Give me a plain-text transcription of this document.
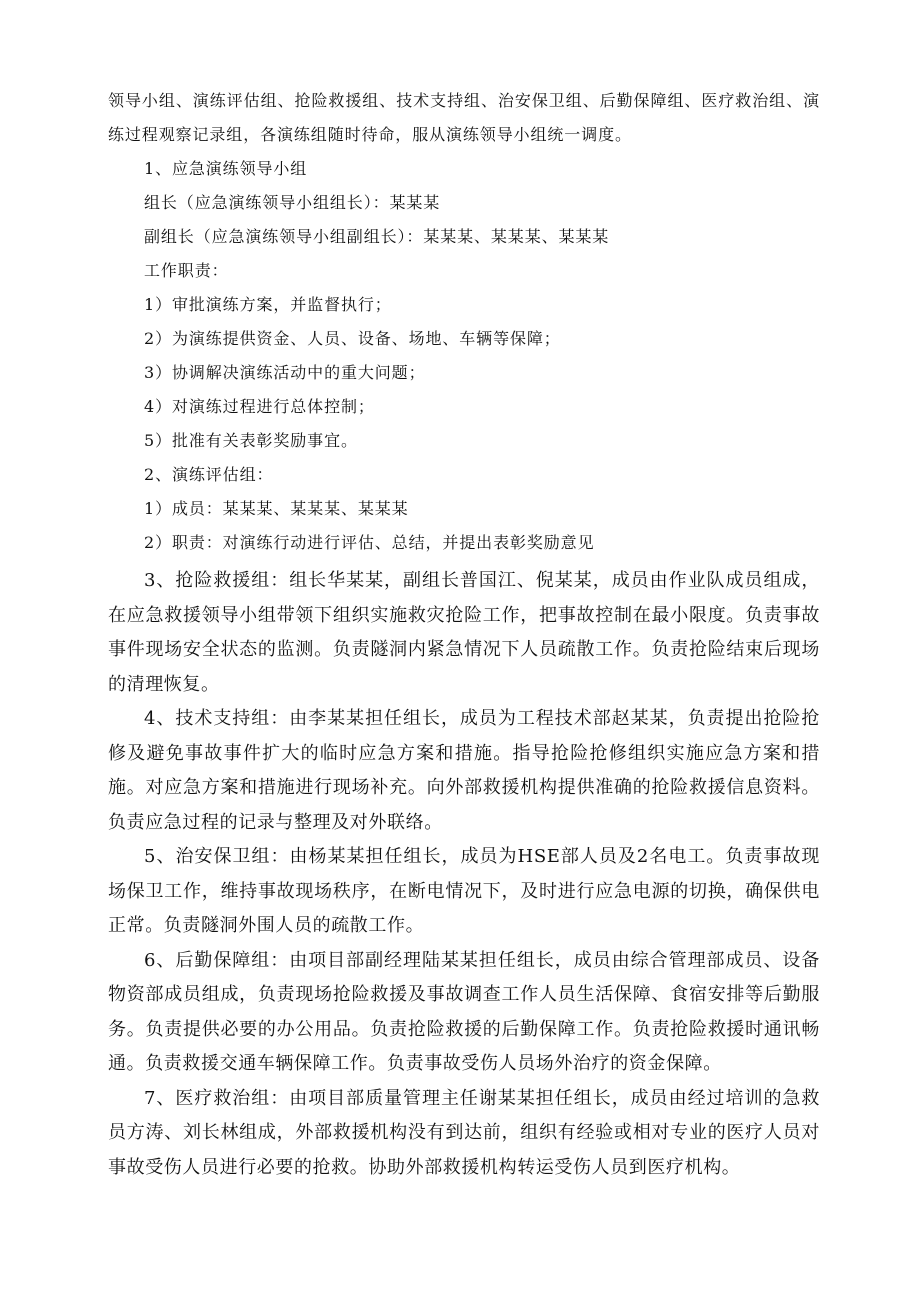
领导小组、演练评估组、抢险救援组、技术支持组、治安保卫组、后勤保障组、医疗救治组、演练过程观察记录组，各演练组随时待命，服从演练领导小组统一调度。

1、应急演练领导小组

组长（应急演练领导小组组长）：某某某

副组长（应急演练领导小组副组长）：某某某、某某某、某某某

工作职责：

1）审批演练方案，并监督执行；

2）为演练提供资金、人员、设备、场地、车辆等保障；

3）协调解决演练活动中的重大问题；

4）对演练过程进行总体控制；

5）批准有关表彰奖励事宜。

2、演练评估组：

1）成员：某某某、某某某、某某某

2）职责：对演练行动进行评估、总结，并提出表彰奖励意见

3、抢险救援组：组长华某某，副组长普国江、倪某某，成员由作业队成员组成，在应急救援领导小组带领下组织实施救灾抢险工作，把事故控制在最小限度。负责事故事件现场安全状态的监测。负责隧洞内紧急情况下人员疏散工作。负责抢险结束后现场的清理恢复。

4、技术支持组：由李某某担任组长，成员为工程技术部赵某某，负责提出抢险抢修及避免事故事件扩大的临时应急方案和措施。指导抢险抢修组织实施应急方案和措施。对应急方案和措施进行现场补充。向外部救援机构提供准确的抢险救援信息资料。负责应急过程的记录与整理及对外联络。

5、治安保卫组：由杨某某担任组长，成员为HSE部人员及2名电工。负责事故现场保卫工作，维持事故现场秩序，在断电情况下，及时进行应急电源的切换，确保供电正常。负责隧洞外围人员的疏散工作。

6、后勤保障组：由项目部副经理陆某某担任组长，成员由综合管理部成员、设备物资部成员组成，负责现场抢险救援及事故调查工作人员生活保障、食宿安排等后勤服务。负责提供必要的办公用品。负责抢险救援的后勤保障工作。负责抢险救援时通讯畅通。负责救援交通车辆保障工作。负责事故受伤人员场外治疗的资金保障。

7、医疗救治组：由项目部质量管理主任谢某某担任组长，成员由经过培训的急救员方涛、刘长林组成，外部救援机构没有到达前，组织有经验或相对专业的医疗人员对事故受伤人员进行必要的抢救。协助外部救援机构转运受伤人员到医疗机构。
